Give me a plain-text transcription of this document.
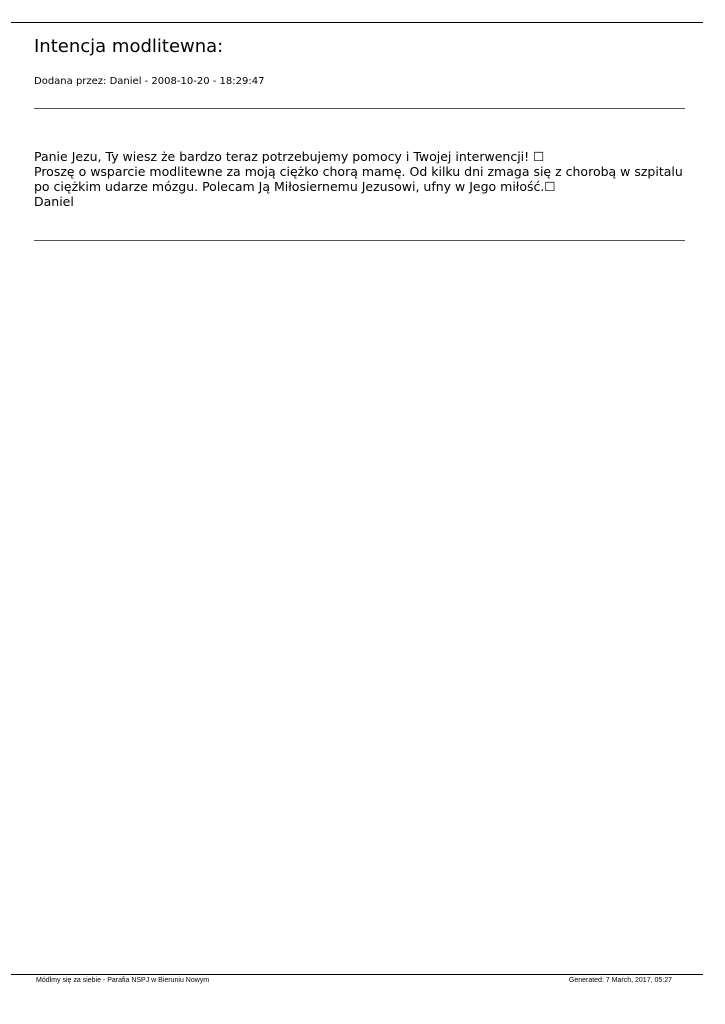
Intencja modlitewna:
Dodana przez: Daniel - 2008-10-20 - 18:29:47
Panie Jezu, Ty wiesz że bardzo teraz potrzebujemy pomocy i Twojej interwencji! ☐
Proszę o wsparcie modlitewne za moją ciężko chorą mamę. Od kilku dni zmaga się z chorobą w szpitalu
po ciężkim udarze mózgu. Polecam Ją Miłosiernemu Jezusowi, ufny w Jego miłość.☐
Daniel
Módlmy się za siebie - Parafia NSPJ w Bieruniu Nowym	Generated: 7 March, 2017, 05:27
